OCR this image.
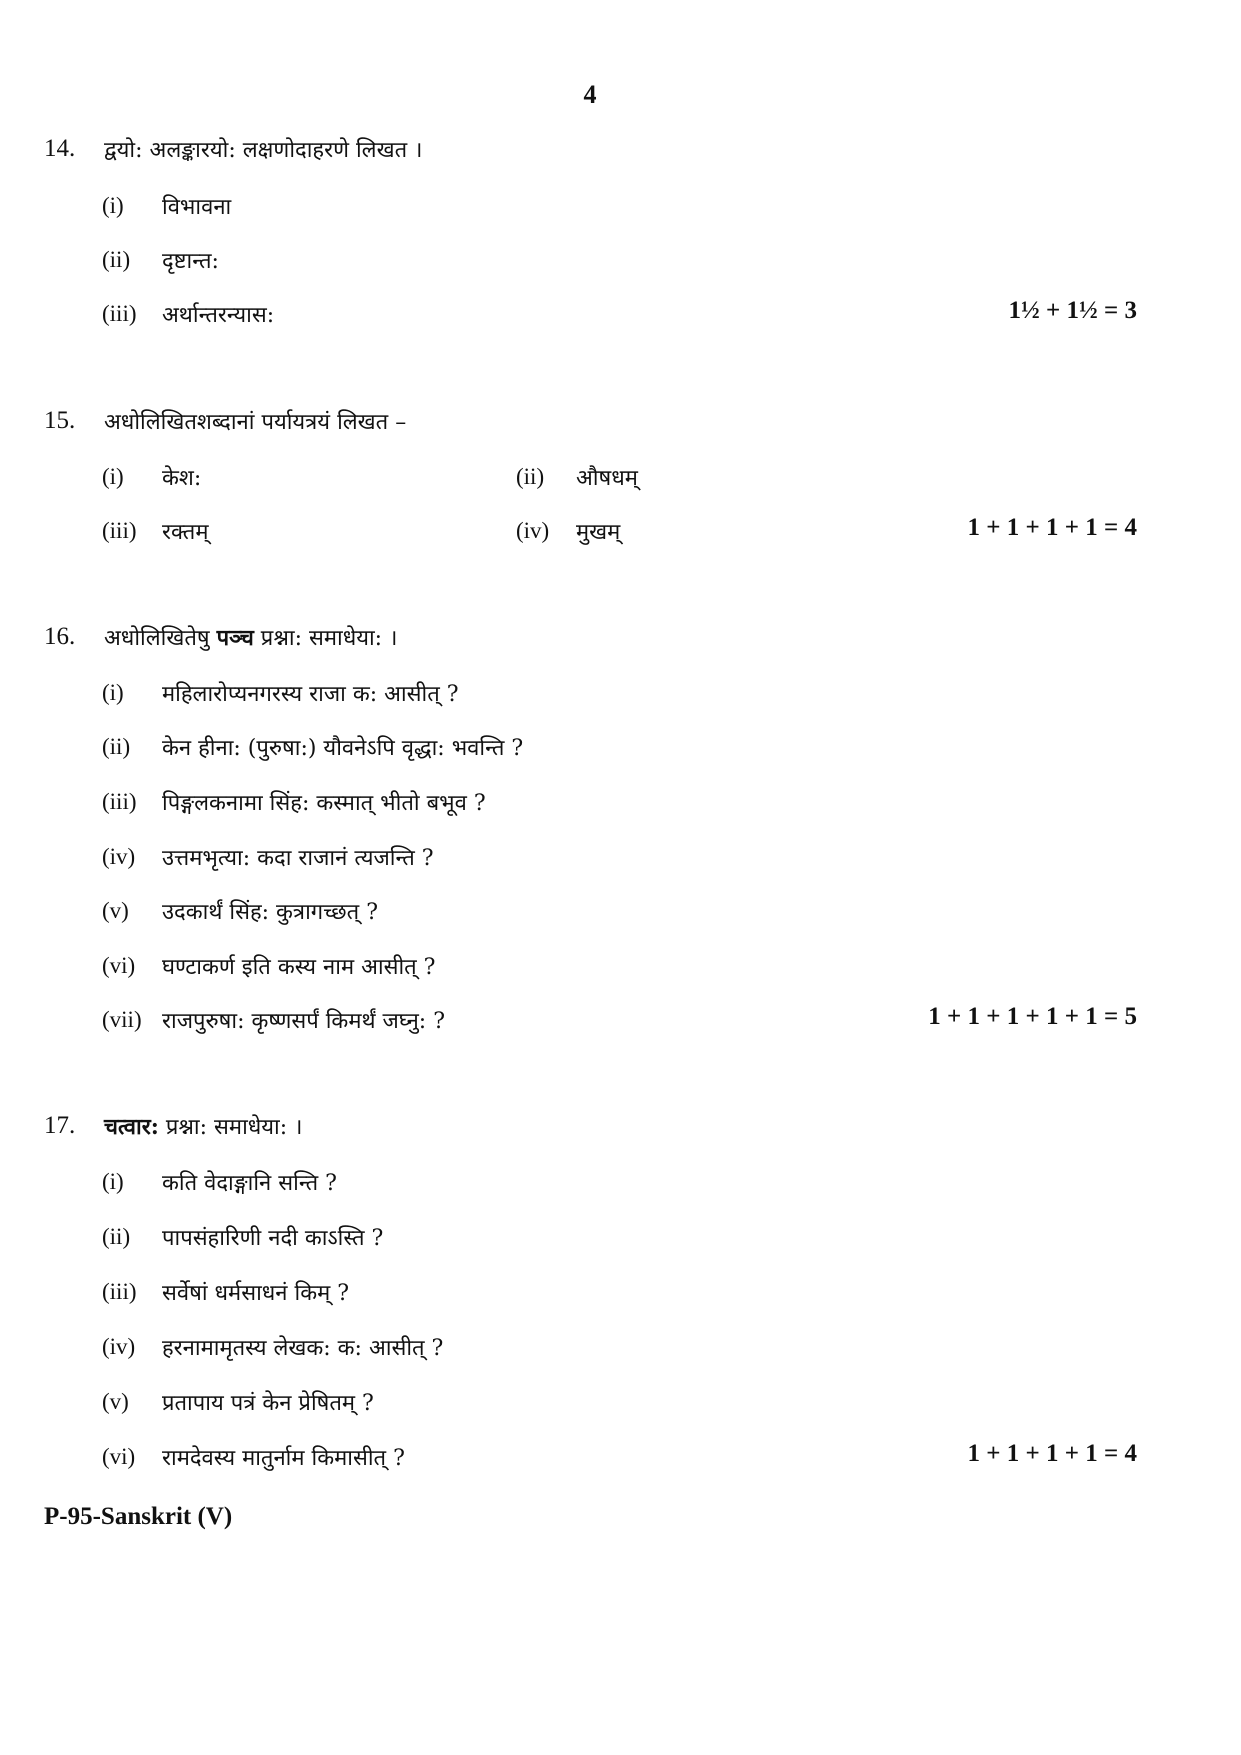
4
14. द्वयो: अलङ्कारयो: लक्षणोदाहरणे लिखत ।
(i) विभावना
(ii) दृष्टान्त:
(iii) अर्थान्तरन्यास:	1½ + 1½ = 3
15. अधोलिखितशब्दानां पर्यायत्रयं लिखत –
(i) केश:	(ii) औषधम्
(iii) रक्तम्	(iv) मुखम्	1 + 1 + 1 + 1 = 4
16. अधोलिखितेषु पञ्च प्रश्ना: समाधेया: ।
(i) महिलारोप्यनगरस्य राजा क: आसीत् ?
(ii) केन हीना: (पुरुषा:) यौवनेऽपि वृद्धा: भवन्ति ?
(iii) पिङ्गलकनामा सिंह: कस्मात् भीतो बभूव ?
(iv) उत्तमभृत्या: कदा राजानं त्यजन्ति ?
(v) उदकार्थं सिंह: कुत्रागच्छत् ?
(vi) घण्टाकर्ण इति कस्य नाम आसीत् ?
(vii) राजपुरुषा: कृष्णसर्पं किमर्थं जघ्नु: ?	1 + 1 + 1 + 1 + 1 = 5
17. चत्वार: प्रश्ना: समाधेया: ।
(i) कति वेदाङ्गानि सन्ति ?
(ii) पापसंहारिणी नदी काऽस्ति ?
(iii) सर्वेषां धर्मसाधनं किम् ?
(iv) हरनामामृतस्य लेखक: क: आसीत् ?
(v) प्रतापाय पत्रं केन प्रेषितम् ?
(vi) रामदेवस्य मातुर्नाम किमासीत् ?	1 + 1 + 1 + 1 = 4
P-95-Sanskrit (V)
